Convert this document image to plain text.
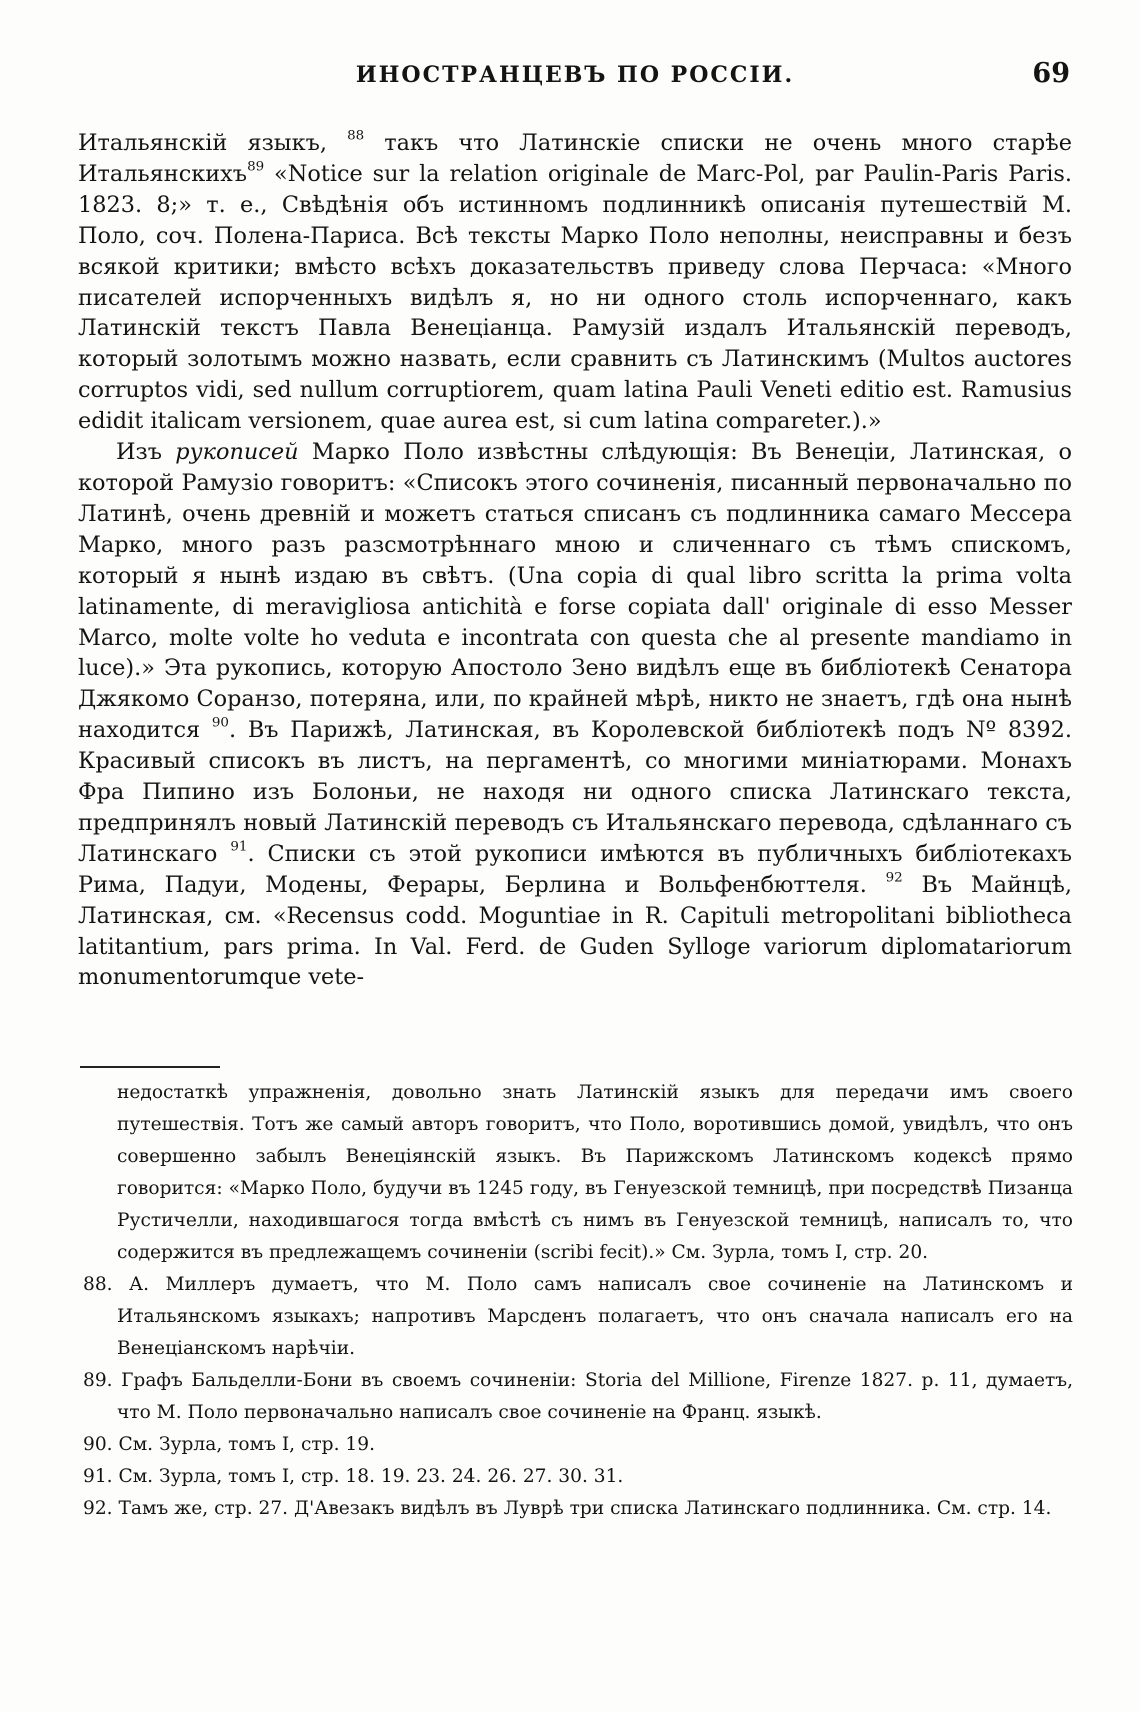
ИНОСТРАНЦЕВЪ ПО РОССІИ.	69

Итальянскій языкъ, $^{88}$ такъ что Латинскіе списки не очень много старѣе Итальянскихъ$^{89}$ «Notice sur la relation originale de Marc-Pol, par Paulin-Paris Paris. 1823. 8;» т. е., Свѣдѣнія объ истинномъ подлинникѣ описанія путешествій М. Поло, соч. Полена-Париса. Всѣ тексты Марко Поло неполны, неисправны и безъ всякой критики; вмѣсто всѣхъ доказательствъ приведу слова Перчаса: «Много писателей испорченныхъ видѣлъ я, но ни одного столь испорченнаго, какъ Латинскій текстъ Павла Венеціанца. Рамузій издалъ Итальянскій переводъ, который золотымъ можно назвать, если сравнить съ Латинскимъ (Multos auctores corruptos vidi, sed nullum corruptiorem, quam latina Pauli Veneti editio est. Ramusius edidit italicam versionem, quae aurea est, si cum latina compareter.).»

Изъ рукописей Марко Поло извѣстны слѣдующія: Въ Венеціи, Латинская, о которой Рамузіо говоритъ: «Списокъ этого сочиненія, писанный первоначально по Латинѣ, очень древній и можетъ статься списанъ съ подлинника самаго Мессера Марко, много разъ разсмотрѣннаго мною и сличеннаго съ тѣмъ спискомъ, который я нынѣ издаю въ свѣтъ. (Una copia di qual libro scritta la prima volta latinamente, di meravigliosa antichità e forse copiata dall' originale di esso Messer Marco, molte volte ho veduta e incontrata con questa che al presente mandiamo in luce).» Эта рукопись, которую Апостоло Зено видѣлъ еще въ библіотекѣ Сенатора Джякомо Соранзо, потеряна, или, по крайней мѣрѣ, никто не знаетъ, гдѣ она нынѣ находится $^{90}$. Въ Парижѣ, Латинская, въ Королевской библіотекѣ подъ Nº 8392. Красивый списокъ въ листъ, на пергаментѣ, со многими миніатюрами. Монахъ Фра Пипино изъ Болоньи, не находя ни одного списка Латинскаго текста, предпринялъ новый Латинскій переводъ съ Итальянскаго перевода, сдѣланнаго съ Латинскаго $^{91}$. Списки съ этой рукописи имѣются въ публичныхъ библіотекахъ Рима, Падуи, Модены, Ферары, Берлина и Вольфенбюттеля. $^{92}$ Въ Майнцѣ, Латинская, см. «Recensus codd. Moguntiae in R. Capituli metropolitani bibliotheca latitantium, pars prima. In Val. Ferd. de Guden Sylloge variorum diplomatariorum monumentorumque vete-

недостаткѣ упражненія, довольно знать Латинскій языкъ для передачи имъ своего путешествія. Тотъ же самый авторъ говоритъ, что Поло, воротившись домой, увидѣлъ, что онъ совершенно забылъ Венеціянскій языкъ. Въ Парижскомъ Латинскомъ кодексѣ прямо говорится: «Марко Поло, будучи въ 1245 году, въ Генуезской темницѣ, при посредствѣ Пизанца Рустичелли, находившагося тогда вмѣстѣ съ нимъ въ Генуезской темницѣ, написалъ то, что содержится въ предлежащемъ сочиненіи (scribi fecit).» См. Зурла, томъ I, стр. 20.

88. А. Миллеръ думаетъ, что М. Поло самъ написалъ свое сочиненіе на Латинскомъ и Итальянскомъ языкахъ; напротивъ Марсденъ полагаетъ, что онъ сначала написалъ его на Венеціанскомъ нарѣчіи.

89. Графъ Бальделли-Бони въ своемъ сочиненіи: Storia del Millione, Firenze 1827. p. 11, думаетъ, что М. Поло первоначально написалъ свое сочиненіе на Франц. языкѣ.

90. См. Зурла, томъ I, стр. 19.

91. См. Зурла, томъ I, стр. 18. 19. 23. 24. 26. 27. 30. 31.

92. Тамъ же, стр. 27. Д'Авезакъ видѣлъ въ Луврѣ три списка Латинскаго подлинника. См. стр. 14.
